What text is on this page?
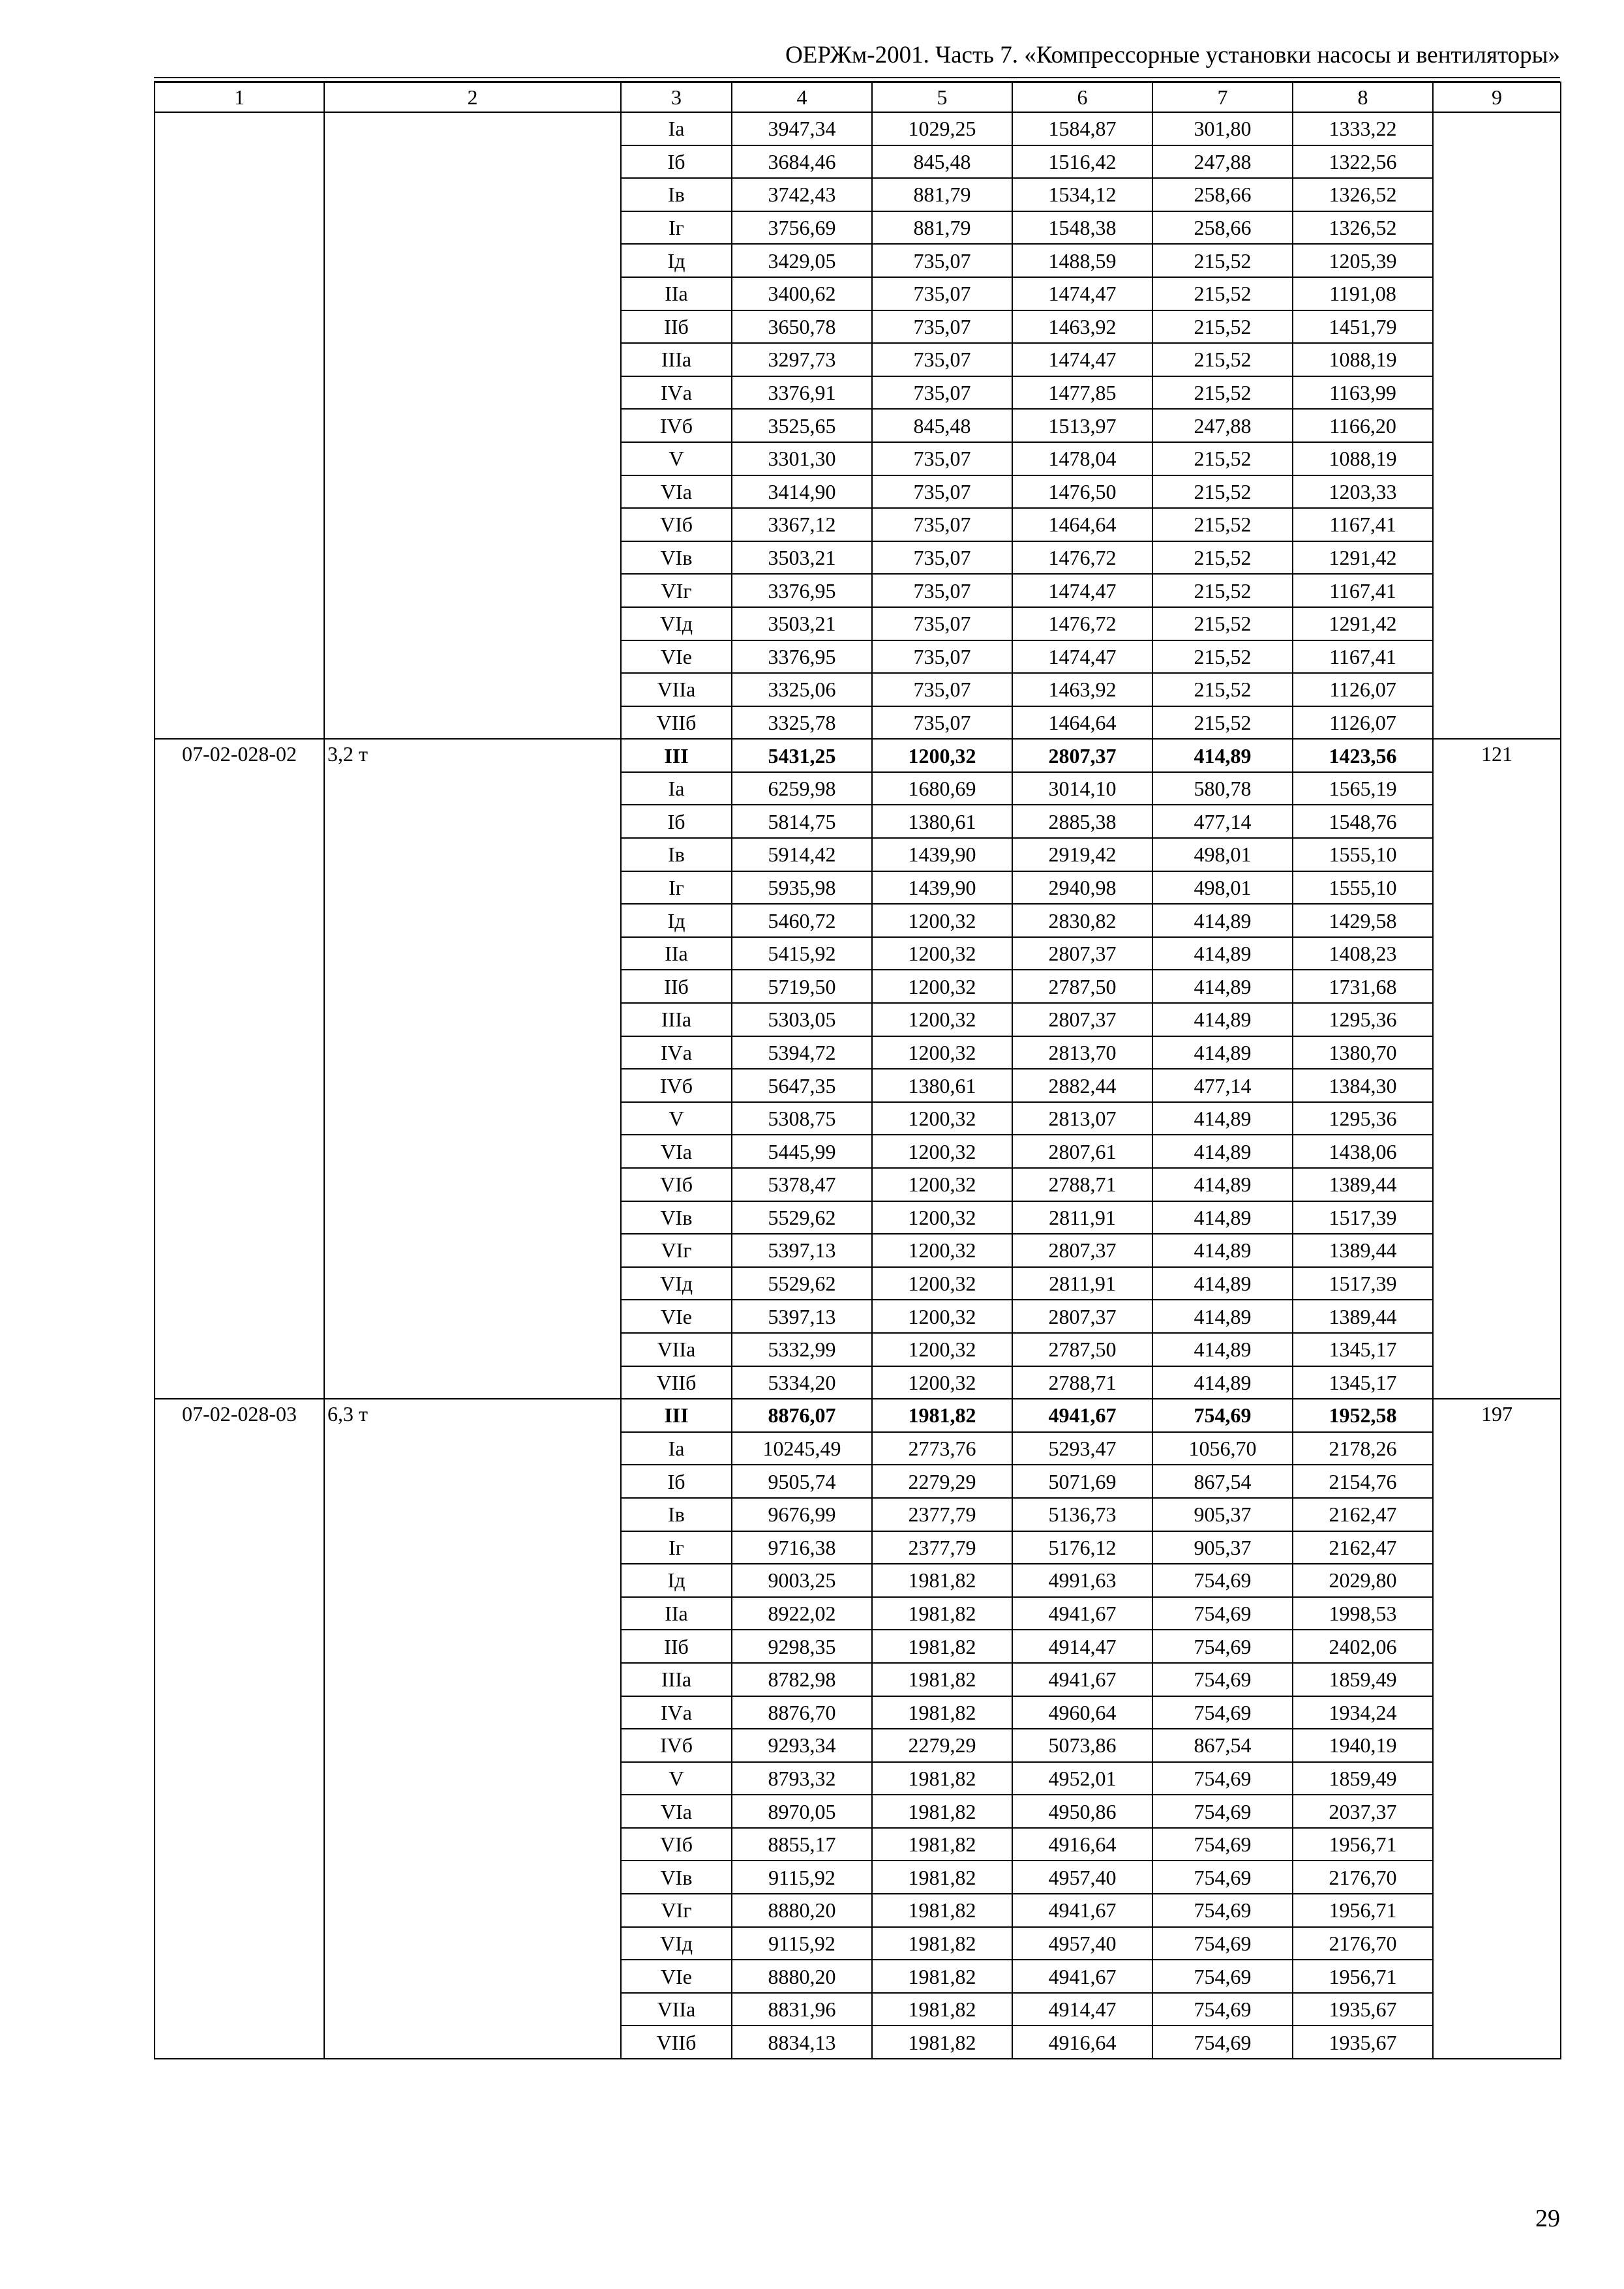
ОЕРЖм-2001. Часть 7. «Компрессорные установки насосы и вентиляторы»
1	2	3	4	5	6	7	8	9
		Iа	3947,34	1029,25	1584,87	301,80	1333,22	
		Iб	3684,46	845,48	1516,42	247,88	1322,56	
		Iв	3742,43	881,79	1534,12	258,66	1326,52	
		Iг	3756,69	881,79	1548,38	258,66	1326,52	
		Iд	3429,05	735,07	1488,59	215,52	1205,39	
		IIа	3400,62	735,07	1474,47	215,52	1191,08	
		IIб	3650,78	735,07	1463,92	215,52	1451,79	
		IIIа	3297,73	735,07	1474,47	215,52	1088,19	
		IVа	3376,91	735,07	1477,85	215,52	1163,99	
		IVб	3525,65	845,48	1513,97	247,88	1166,20	
		V	3301,30	735,07	1478,04	215,52	1088,19	
		VIа	3414,90	735,07	1476,50	215,52	1203,33	
		VIб	3367,12	735,07	1464,64	215,52	1167,41	
		VIв	3503,21	735,07	1476,72	215,52	1291,42	
		VIг	3376,95	735,07	1474,47	215,52	1167,41	
		VIд	3503,21	735,07	1476,72	215,52	1291,42	
		VIе	3376,95	735,07	1474,47	215,52	1167,41	
		VIIа	3325,06	735,07	1463,92	215,52	1126,07	
		VIIб	3325,78	735,07	1464,64	215,52	1126,07	
07-02-028-02	3,2 т	III	5431,25	1200,32	2807,37	414,89	1423,56	121
		Iа	6259,98	1680,69	3014,10	580,78	1565,19	
		Iб	5814,75	1380,61	2885,38	477,14	1548,76	
		Iв	5914,42	1439,90	2919,42	498,01	1555,10	
		Iг	5935,98	1439,90	2940,98	498,01	1555,10	
		Iд	5460,72	1200,32	2830,82	414,89	1429,58	
		IIа	5415,92	1200,32	2807,37	414,89	1408,23	
		IIб	5719,50	1200,32	2787,50	414,89	1731,68	
		IIIа	5303,05	1200,32	2807,37	414,89	1295,36	
		IVа	5394,72	1200,32	2813,70	414,89	1380,70	
		IVб	5647,35	1380,61	2882,44	477,14	1384,30	
		V	5308,75	1200,32	2813,07	414,89	1295,36	
		VIа	5445,99	1200,32	2807,61	414,89	1438,06	
		VIб	5378,47	1200,32	2788,71	414,89	1389,44	
		VIв	5529,62	1200,32	2811,91	414,89	1517,39	
		VIг	5397,13	1200,32	2807,37	414,89	1389,44	
		VIд	5529,62	1200,32	2811,91	414,89	1517,39	
		VIе	5397,13	1200,32	2807,37	414,89	1389,44	
		VIIа	5332,99	1200,32	2787,50	414,89	1345,17	
		VIIб	5334,20	1200,32	2788,71	414,89	1345,17	
07-02-028-03	6,3 т	III	8876,07	1981,82	4941,67	754,69	1952,58	197
		Iа	10245,49	2773,76	5293,47	1056,70	2178,26	
		Iб	9505,74	2279,29	5071,69	867,54	2154,76	
		Iв	9676,99	2377,79	5136,73	905,37	2162,47	
		Iг	9716,38	2377,79	5176,12	905,37	2162,47	
		Iд	9003,25	1981,82	4991,63	754,69	2029,80	
		IIа	8922,02	1981,82	4941,67	754,69	1998,53	
		IIб	9298,35	1981,82	4914,47	754,69	2402,06	
		IIIа	8782,98	1981,82	4941,67	754,69	1859,49	
		IVа	8876,70	1981,82	4960,64	754,69	1934,24	
		IVб	9293,34	2279,29	5073,86	867,54	1940,19	
		V	8793,32	1981,82	4952,01	754,69	1859,49	
		VIа	8970,05	1981,82	4950,86	754,69	2037,37	
		VIб	8855,17	1981,82	4916,64	754,69	1956,71	
		VIв	9115,92	1981,82	4957,40	754,69	2176,70	
		VIг	8880,20	1981,82	4941,67	754,69	1956,71	
		VIд	9115,92	1981,82	4957,40	754,69	2176,70	
		VIе	8880,20	1981,82	4941,67	754,69	1956,71	
		VIIа	8831,96	1981,82	4914,47	754,69	1935,67	
		VIIб	8834,13	1981,82	4916,64	754,69	1935,67	
29
